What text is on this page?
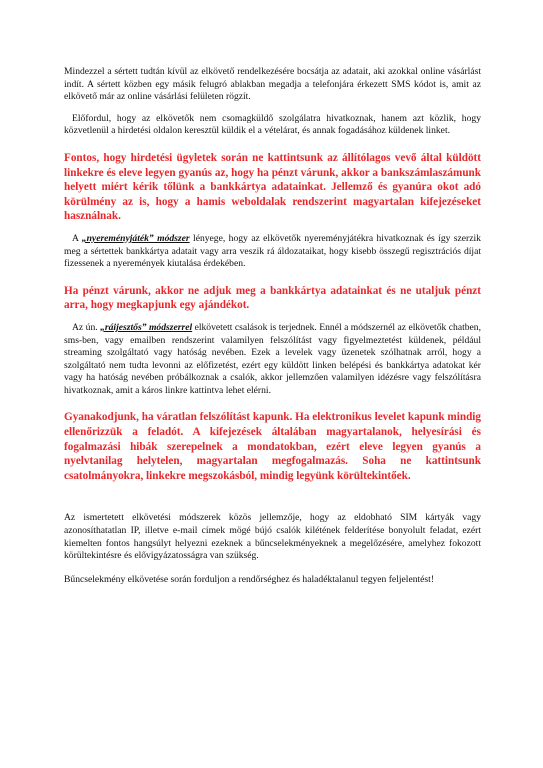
Mindezzel a sértett tudtán kívül az elkövető rendelkezésére bocsátja az adatait, aki azokkal online vásárlást indít. A sértett közben egy másik felugró ablakban megadja a telefonjára érkezett SMS kódot is, amit az elkövető már az online vásárlási felületen rögzít.

Előfordul, hogy az elkövetők nem csomagküldő szolgálatra hivatkoznak, hanem azt közlik, hogy közvetlenül a hirdetési oldalon keresztül küldik el a vételárat, és annak fogadásához küldenek linket.

Fontos, hogy hirdetési ügyletek során ne kattintsunk az állítólagos vevő által küldött linkekre és eleve legyen gyanús az, hogy ha pénzt várunk, akkor a bankszámlaszámunk helyett miért kérik tőlünk a bankkártya adatainkat. Jellemző és gyanúra okot adó körülmény az is, hogy a hamis weboldalak rendszerint magyartalan kifejezéseket használnak.

A „nyereményjáték” módszer lényege, hogy az elkövetők nyereményjátékra hivatkoznak és így szerzik meg a sértettek bankkártya adatait vagy arra veszik rá áldozataikat, hogy kisebb összegű regisztrációs díjat fizessenek a nyeremények kiutalása érdekében.

Ha pénzt várunk, akkor ne adjuk meg a bankkártya adatainkat és ne utaljuk pénzt arra, hogy megkapjunk egy ajándékot.

Az ún. „ráijesztős” módszerrel elkövetett csalások is terjednek. Ennél a módszernél az elkövetők chatben, sms-ben, vagy emailben rendszerint valamilyen felszólítást vagy figyelmeztetést küldenek, például streaming szolgáltató vagy hatóság nevében. Ezek a levelek vagy üzenetek szólhatnak arról, hogy a szolgáltató nem tudta levonni az előfizetést, ezért egy küldött linken belépési és bankkártya adatokat kér vagy ha hatóság nevében próbálkoznak a csalók, akkor jellemzően valamilyen idézésre vagy felszólításra hivatkoznak, amit a káros linkre kattintva lehet elérni.

Gyanakodjunk, ha váratlan felszólítást kapunk. Ha elektronikus levelet kapunk mindig ellenőrizzük a feladót. A kifejezések általában magyartalanok, helyesírási és fogalmazási hibák szerepelnek a mondatokban, ezért eleve legyen gyanús a nyelvtanilag helytelen, magyartalan megfogalmazás. Soha ne kattintsunk csatolmányokra, linkekre megszokásból, mindig legyünk körültekintőek.

Az ismertetett elkövetési módszerek közös jellemzője, hogy az eldobható SIM kártyák vagy azonosíthatatlan IP, illetve e-mail címek mögé bújó csalók kilétének felderítése bonyolult feladat, ezért kiemelten fontos hangsúlyt helyezni ezeknek a bűncselekményeknek a megelőzésére, amelyhez fokozott körültekintésre és elővigyázatosságra van szükség.

Bűncselekmény elkövetése során forduljon a rendőrséghez és haladéktalanul tegyen feljelentést!
